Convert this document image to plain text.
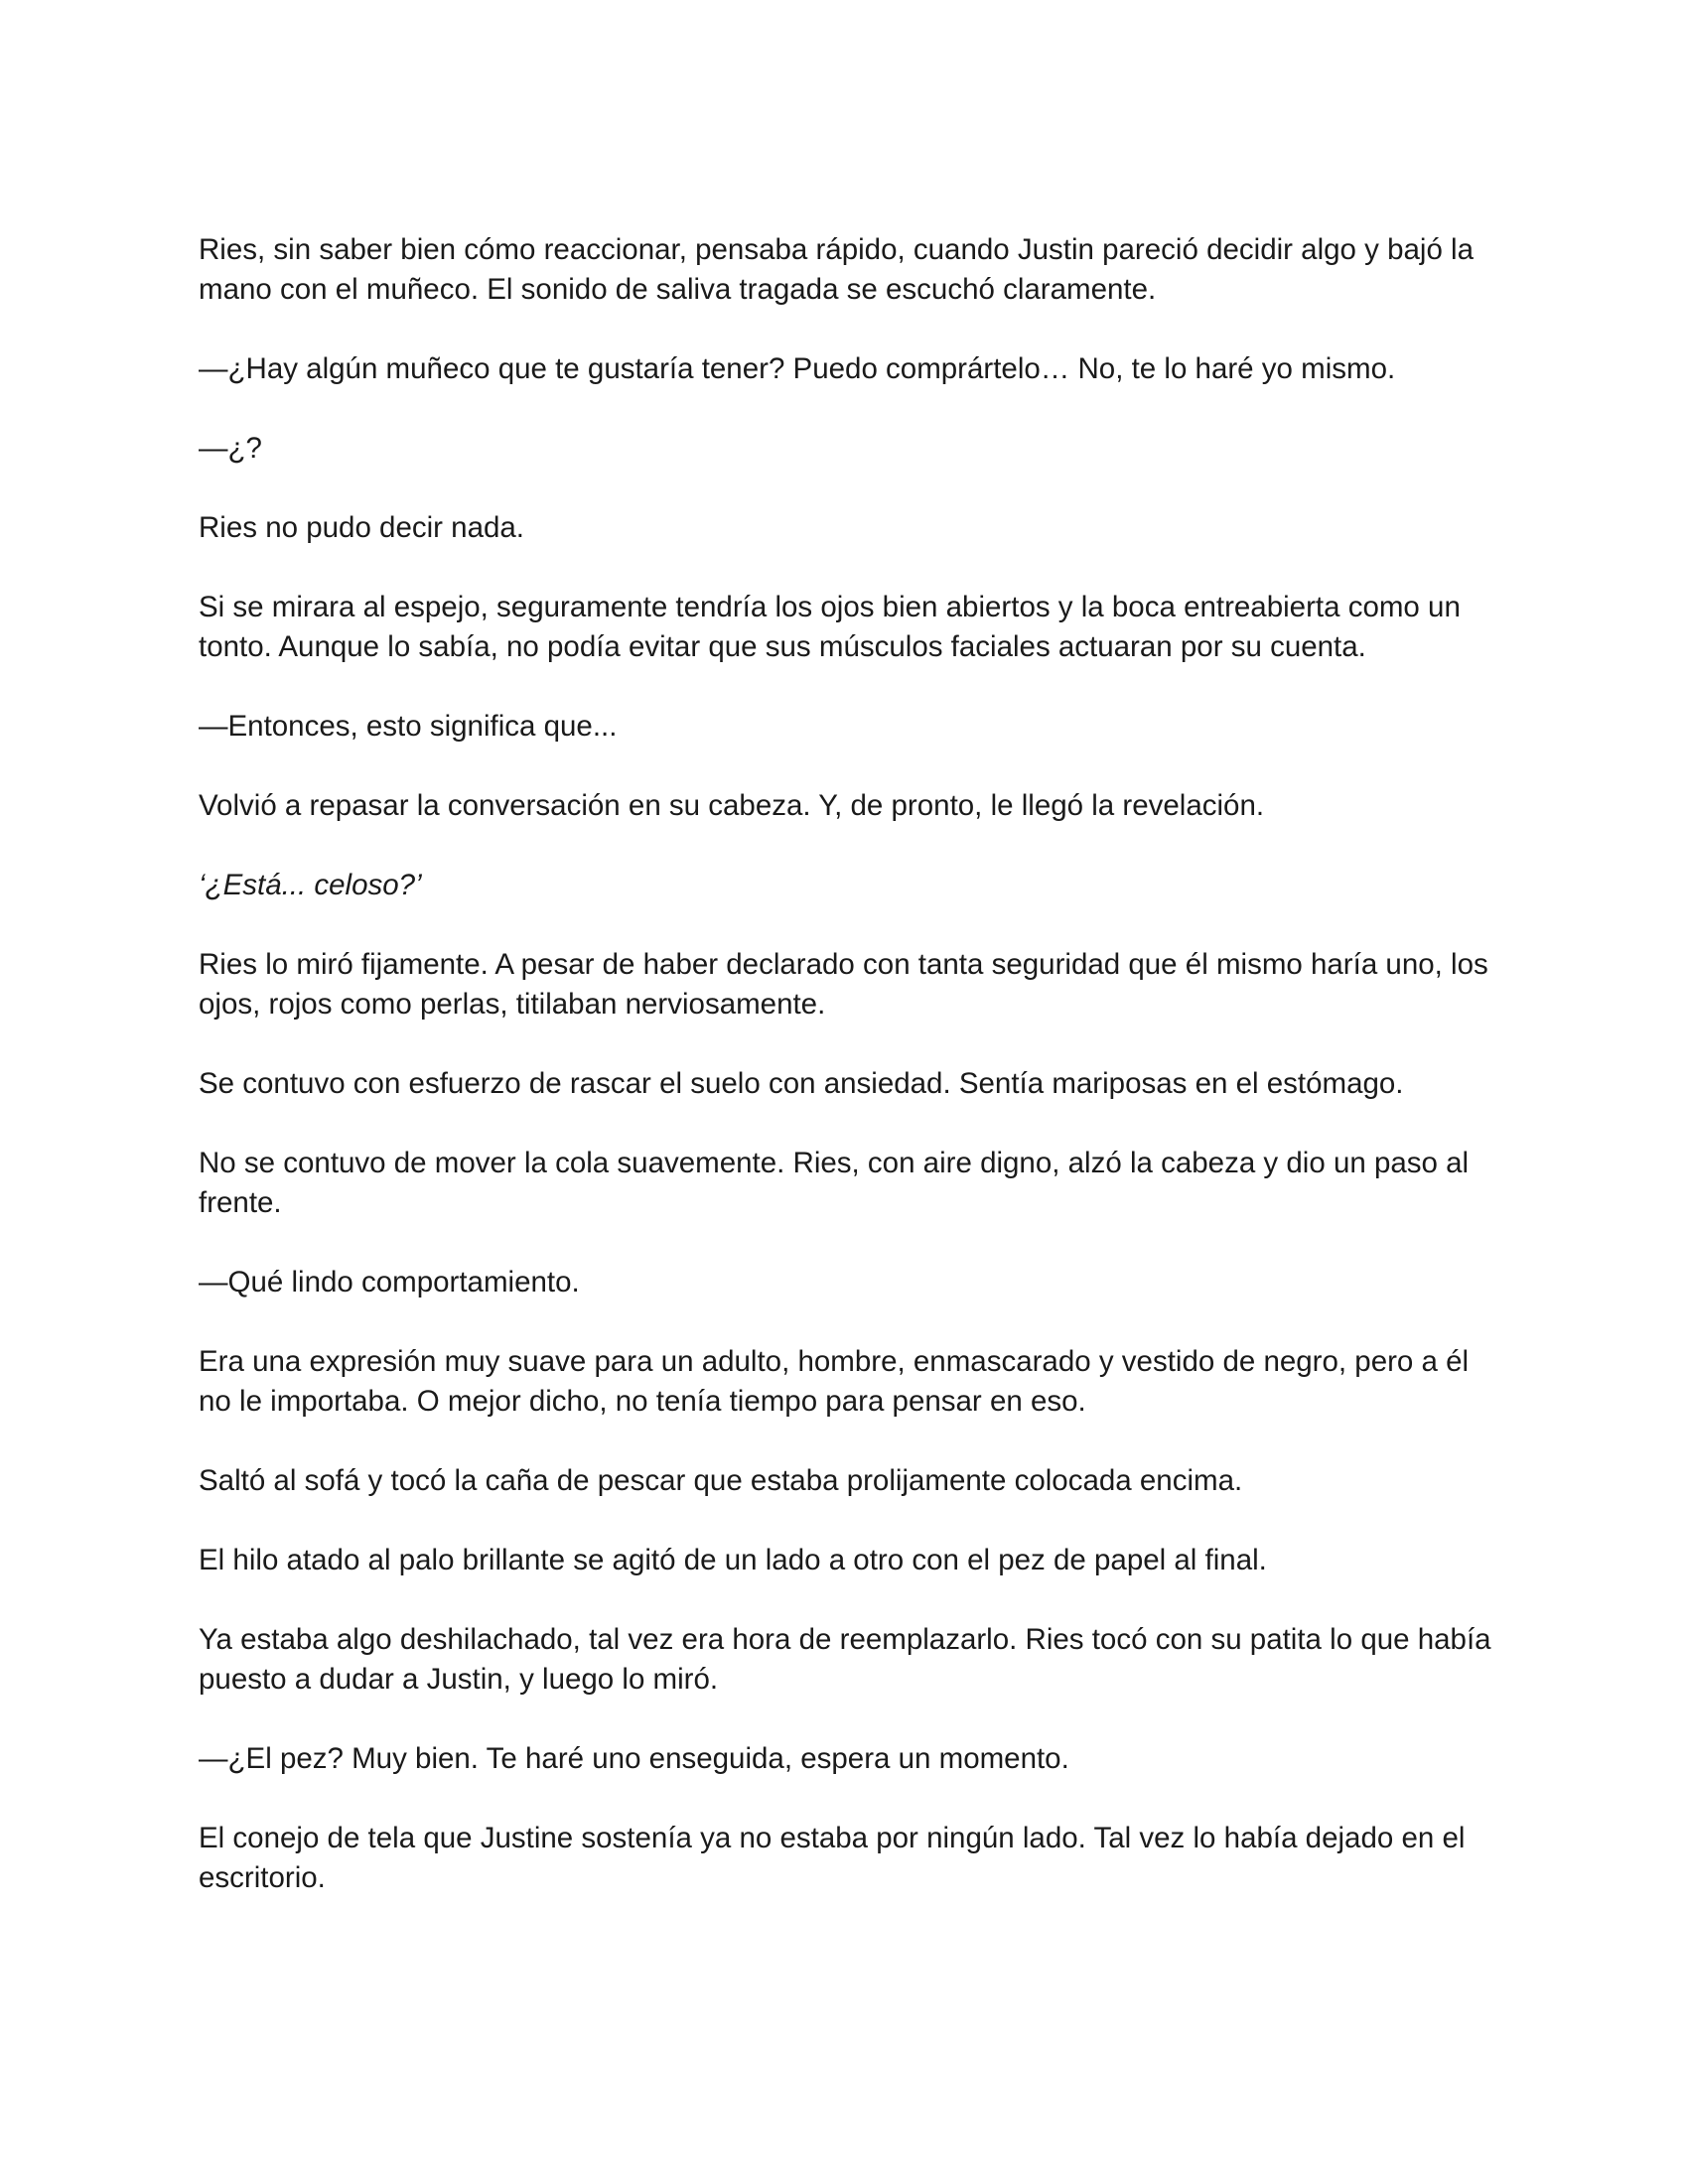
Ries, sin saber bien cómo reaccionar, pensaba rápido, cuando Justin pareció decidir algo y bajó la mano con el muñeco. El sonido de saliva tragada se escuchó claramente.

—¿Hay algún muñeco que te gustaría tener? Puedo comprártelo… No, te lo haré yo mismo.

—¿?

Ries no pudo decir nada.

Si se mirara al espejo, seguramente tendría los ojos bien abiertos y la boca entreabierta como un tonto. Aunque lo sabía, no podía evitar que sus músculos faciales actuaran por su cuenta.

—Entonces, esto significa que...

Volvió a repasar la conversación en su cabeza. Y, de pronto, le llegó la revelación.

‘¿Está... celoso?’

Ries lo miró fijamente. A pesar de haber declarado con tanta seguridad que él mismo haría uno, los ojos, rojos como perlas, titilaban nerviosamente.

Se contuvo con esfuerzo de rascar el suelo con ansiedad. Sentía mariposas en el estómago.

No se contuvo de mover la cola suavemente. Ries, con aire digno, alzó la cabeza y dio un paso al frente.

—Qué lindo comportamiento.

Era una expresión muy suave para un adulto, hombre, enmascarado y vestido de negro, pero a él no le importaba. O mejor dicho, no tenía tiempo para pensar en eso.

Saltó al sofá y tocó la caña de pescar que estaba prolijamente colocada encima.

El hilo atado al palo brillante se agitó de un lado a otro con el pez de papel al final.

Ya estaba algo deshilachado, tal vez era hora de reemplazarlo. Ries tocó con su patita lo que había puesto a dudar a Justin, y luego lo miró.

—¿El pez? Muy bien. Te haré uno enseguida, espera un momento.

El conejo de tela que Justine sostenía ya no estaba por ningún lado. Tal vez lo había dejado en el escritorio.
